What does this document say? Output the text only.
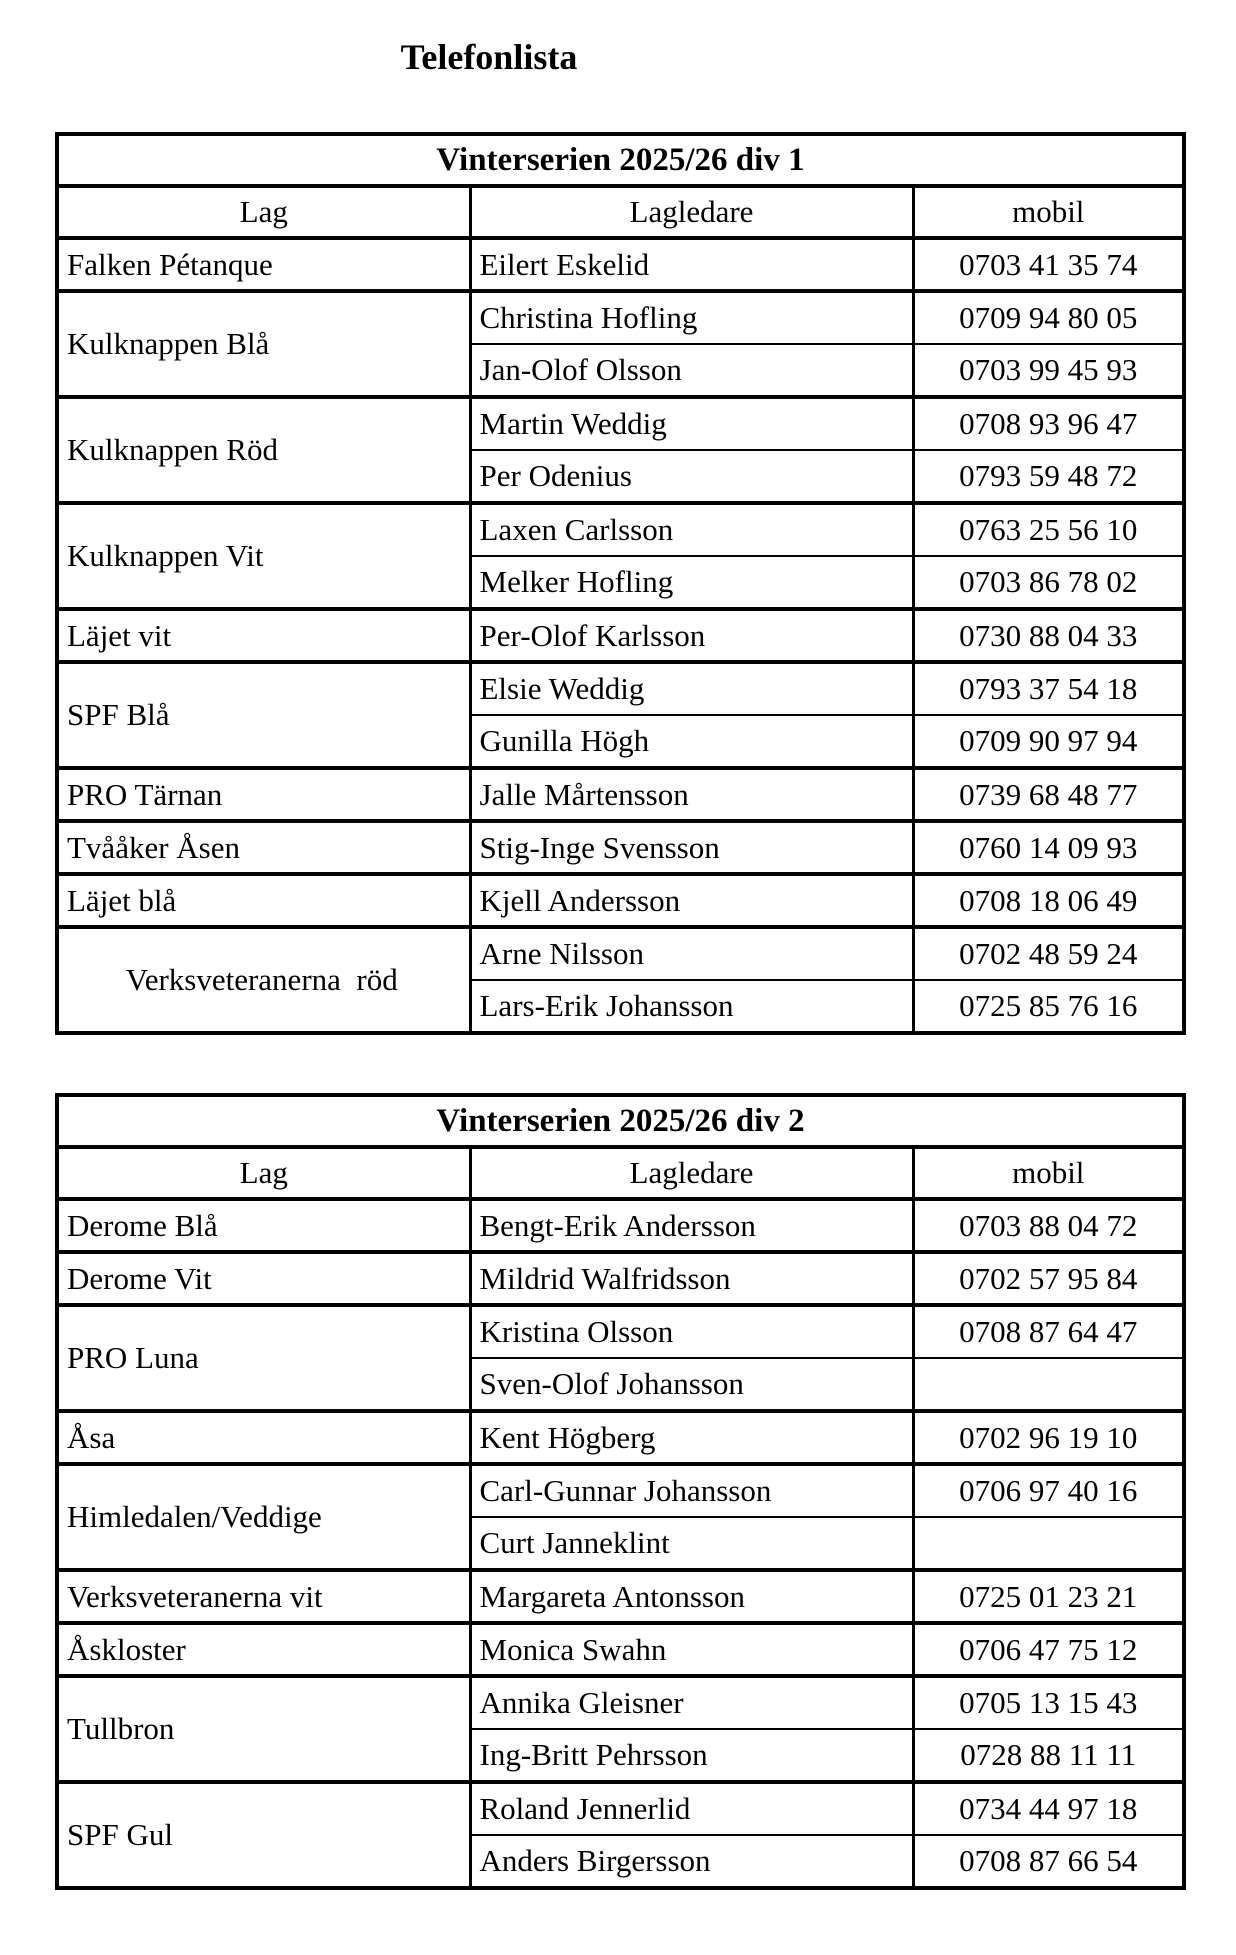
Telefonlista
Vinterserien 2025/26 div 1		
Lag	Lagledare	mobil
Falken Pétanque	Eilert Eskelid	0703 41 35 74
Kulknappen Blå	Christina Hofling	0709 94 80 05
	Jan-Olof Olsson	0703 99 45 93
Kulknappen Röd	Martin Weddig	0708 93 96 47
	Per Odenius	0793 59 48 72
Kulknappen Vit	Laxen Carlsson	0763 25 56 10
	Melker Hofling	0703 86 78 02
Läjet vit	Per-Olof Karlsson	0730 88 04 33
SPF Blå	Elsie Weddig	0793 37 54 18
	Gunilla Högh	0709 90 97 94
PRO Tärnan	Jalle Mårtensson	0739 68 48 77
Tvååker Åsen	Stig-Inge Svensson	0760 14 09 93
Läjet blå	Kjell Andersson	0708 18 06 49
Verksveteranerna  röd	Arne Nilsson	0702 48 59 24
	Lars-Erik Johansson	0725 85 76 16
Vinterserien 2025/26 div 2		
Lag	Lagledare	mobil
Derome Blå	Bengt-Erik Andersson	0703 88 04 72
Derome Vit	Mildrid Walfridsson	0702 57 95 84
PRO Luna	Kristina Olsson	0708 87 64 47
	Sven-Olof Johansson	
Åsa	Kent Högberg	0702 96 19 10
Himledalen/Veddige	Carl-Gunnar Johansson	0706 97 40 16
	Curt Janneklint	
Verksveteranerna vit	Margareta Antonsson	0725 01 23 21
Åskloster	Monica Swahn	0706 47 75 12
Tullbron	Annika Gleisner	0705 13 15 43
	Ing-Britt Pehrsson	0728 88 11 11
SPF Gul	Roland Jennerlid	0734 44 97 18
	Anders Birgersson	0708 87 66 54
